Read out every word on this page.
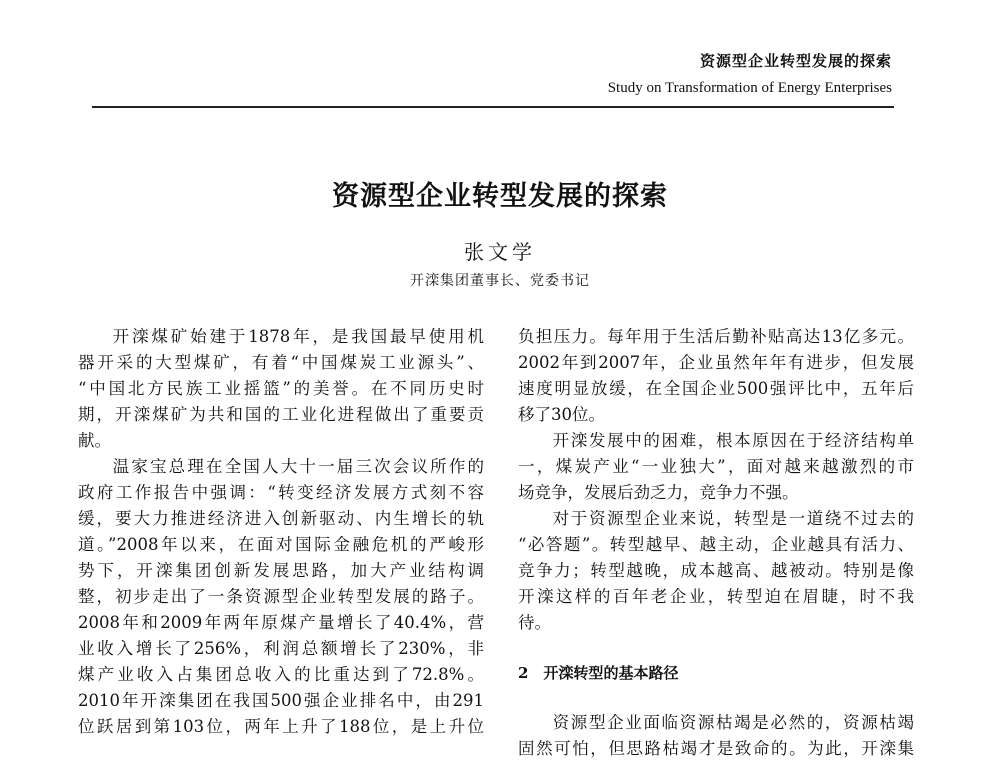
资源型企业转型发展的探索
Study on Transformation of Energy Enterprises
资源型企业转型发展的探索
张文学
开滦集团董事长、党委书记
开滦煤矿始建于1878年，是我国最早使用机
器开采的大型煤矿，有着“中国煤炭工业源头”、
“中国北方民族工业摇篮”的美誉。在不同历史时
期，开滦煤矿为共和国的工业化进程做出了重要贡
献。
温家宝总理在全国人大十一届三次会议所作的
政府工作报告中强调：“转变经济发展方式刻不容
缓，要大力推进经济进入创新驱动、内生增长的轨
道。”2008年以来，在面对国际金融危机的严峻形
势下，开滦集团创新发展思路，加大产业结构调
整，初步走出了一条资源型企业转型发展的路子。
2008年和2009年两年原煤产量增长了40.4%，营
业收入增长了256%，利润总额增长了230%，非
煤产业收入占集团总收入的比重达到了72.8%。
2010年开滦集团在我国500强企业排名中，由291
位跃居到第103位，两年上升了188位，是上升位
负担压力。每年用于生活后勤补贴高达13亿多元。
2002年到2007年，企业虽然年年有进步，但发展
速度明显放缓，在全国企业500强评比中，五年后
移了30位。
开滦发展中的困难，根本原因在于经济结构单
一，煤炭产业“一业独大”，面对越来越激烈的市
场竞争，发展后劲乏力，竞争力不强。
对于资源型企业来说，转型是一道绕不过去的
“必答题”。转型越早、越主动，企业越具有活力、
竞争力；转型越晚，成本越高、越被动。特别是像
开滦这样的百年老企业，转型迫在眉睫，时不我
待。
2　开滦转型的基本路径
资源型企业面临资源枯竭是必然的，资源枯竭
固然可怕，但思路枯竭才是致命的。为此，开滦集
